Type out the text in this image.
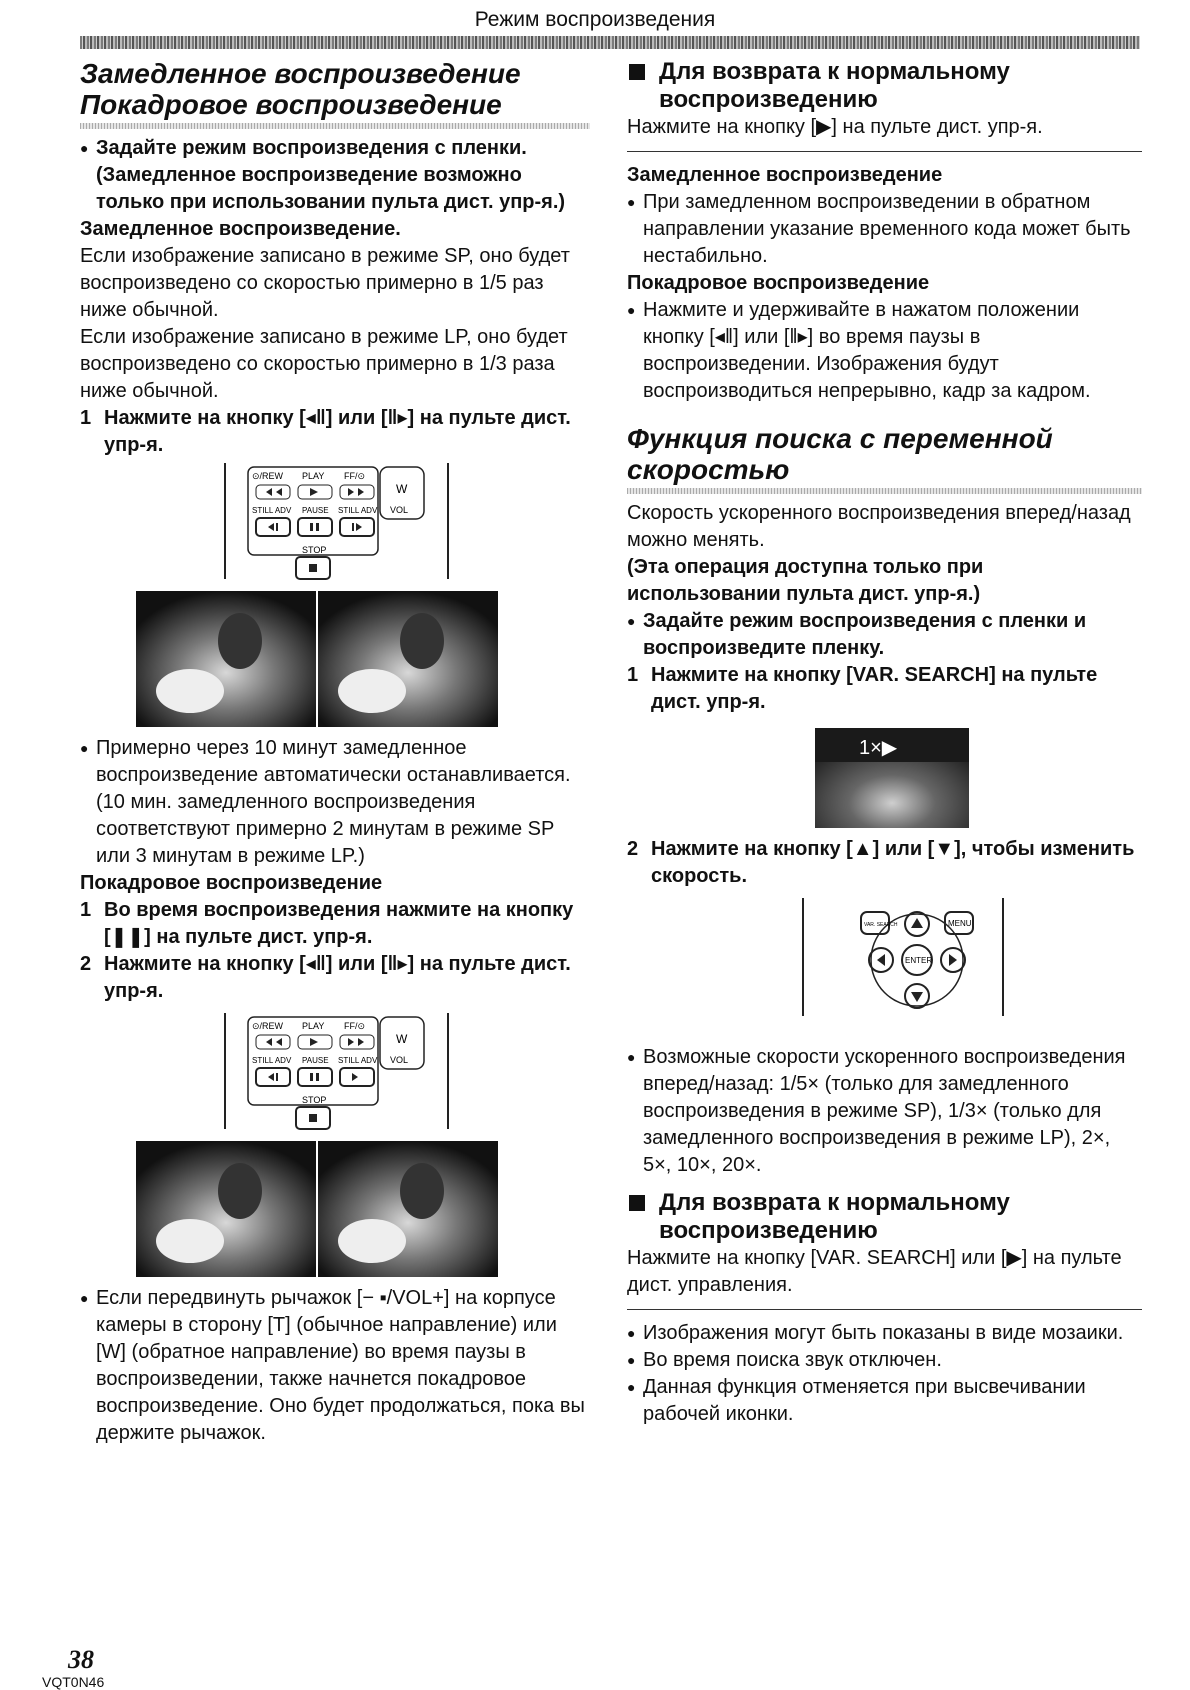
Режим воспроизведения
Замедленное воспроизведение
Покадровое воспроизведение
● Задайте режим воспроизведения с пленки. (Замедленное воспроизведение возможно только при использовании пульта дист. упр-я.)
Замедленное воспроизведение.
Если изображение записано в режиме SP, оно будет воспроизведено со скоростью примерно в 1/5 раз ниже обычной.
Если изображение записано в режиме LP, оно будет воспроизведено со скоростью примерно в 1/3 раза ниже обычной.
1 Нажмите на кнопку [◂‖] или [‖▸] на пульте дист. упр-я.
⊙/REW PLAY FF/⊙
STILL ADV PAUSE STILL ADV
STOP
W
VOL
● Примерно через 10 минут замедленное воспроизведение автоматически останавливается. (10 мин. замедленного воспроизведения соответствуют примерно 2 минутам в режиме SP или 3 минутам в режиме LP.)
Покадровое воспроизведение
1 Во время воспроизведения нажмите на кнопку [❚❚] на пульте дист. упр-я.
2 Нажмите на кнопку [◂‖] или [‖▸] на пульте дист. упр-я.
⊙/REW PLAY FF/⊙
STILL ADV PAUSE STILL ADV
STOP
W
VOL
● Если передвинуть рычажок [− ▪/VOL+] на корпусе камеры в сторону [T] (обычное направление) или [W] (обратное направление) во время паузы в воспроизведении, также начнется покадровое воспроизведение. Оно будет продолжаться, пока вы держите рычажок.
Для возврата к нормальному
воспроизведению
Нажмите на кнопку [▶] на пульте дист. упр-я.
Замедленное воспроизведение
● При замедленном воспроизведении в обратном направлении указание временного кода может быть нестабильно.
Покадровое воспроизведение
● Нажмите и удерживайте в нажатом положении кнопку [◂‖] или [‖▸] во время паузы в воспроизведении. Изображения будут воспроизводиться непрерывно, кадр за кадром.
Функция поиска с переменной
скоростью
Скорость ускоренного воспроизведения вперед/назад можно менять.
(Эта операция доступна только при использовании пульта дист. упр-я.)
● Задайте режим воспроизведения с пленки и воспроизведите пленку.
1 Нажмите на кнопку [VAR. SEARCH] на пульте дист. упр-я.
1×▶
2 Нажмите на кнопку [▲] или [▼], чтобы изменить скорость.
VAR. SEARCH	MENU
ENTER
● Возможные скорости ускоренного воспроизведения вперед/назад: 1/5× (только для замедленного воспроизведения в режиме SP), 1/3× (только для замедленного воспроизведения в режиме LP), 2×, 5×, 10×, 20×.
Для возврата к нормальному
воспроизведению
Нажмите на кнопку [VAR. SEARCH] или [▶] на пульте дист. управления.
● Изображения могут быть показаны в виде мозаики.
● Во время поиска звук отключен.
● Данная функция отменяется при высвечивании рабочей иконки.
38
VQT0N46
